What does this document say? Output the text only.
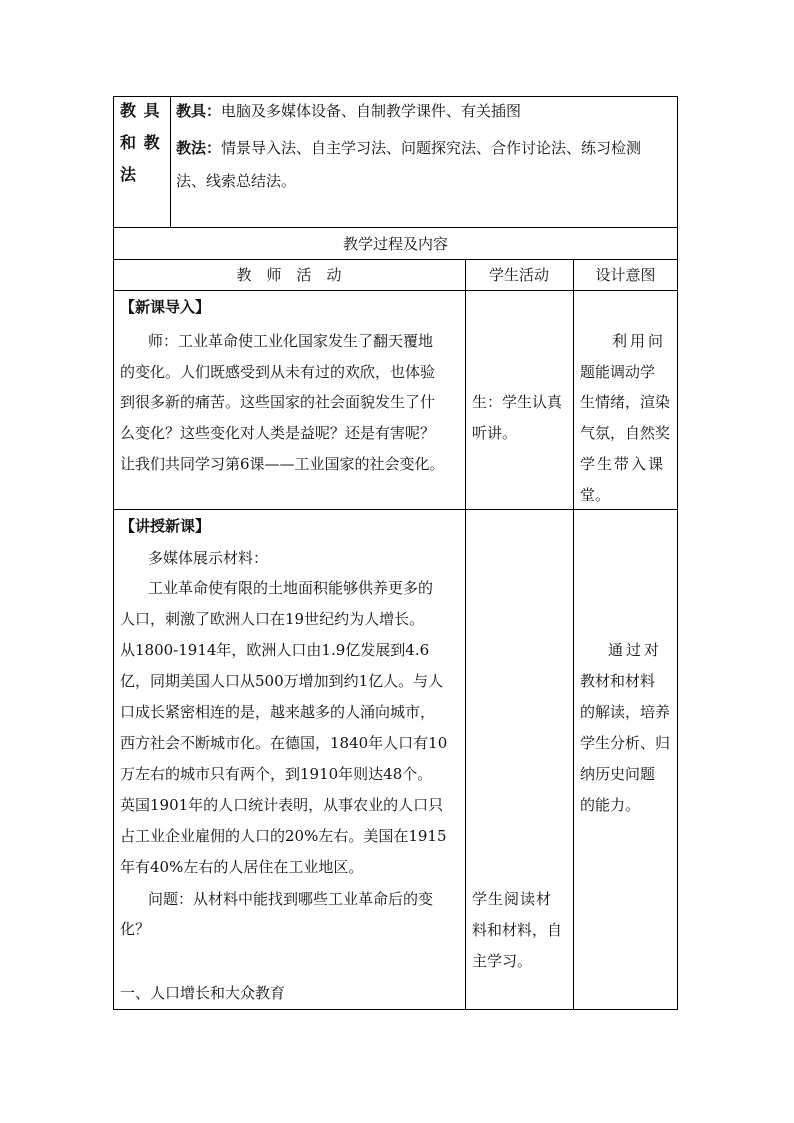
教 具
和 教
法
教具：电脑及多媒体设备、自制教学课件、有关插图
教法：情景导入法、自主学习法、问题探究法、合作讨论法、练习检测
法、线索总结法。
教学过程及内容
教　师　活　动	学生活动	设计意图
【新课导入】
师：工业革命使工业化国家发生了翻天覆地
的变化。人们既感受到从未有过的欢欣，也体验
到很多新的痛苦。这些国家的社会面貌发生了什
么变化？这些变化对人类是益呢？还是有害呢？
让我们共同学习第6课——工业国家的社会变化。
生：学生认真
听讲。
利用问
题能调动学
生情绪，渲染
气氛，自然奖
学生带入课
堂。
【讲授新课】
多媒体展示材料：
工业革命使有限的土地面积能够供养更多的
人口，刺激了欧洲人口在19世纪约为人增长。
从1800-1914年，欧洲人口由1.9亿发展到4.6
亿，同期美国人口从500万增加到约1亿人。与人
口成长紧密相连的是，越来越多的人涌向城市，
西方社会不断城市化。在德国，1840年人口有10
万左右的城市只有两个，到1910年则达48个。
英国1901年的人口统计表明，从事农业的人口只
占工业企业雇佣的人口的20%左右。美国在1915
年有40%左右的人居住在工业地区。
问题：从材料中能找到哪些工业革命后的变
化？
一、人口增长和大众教育
学生阅读材
料和材料，自
主学习。
通过对
教材和材料
的解读，培养
学生分析、归
纳历史问题
的能力。
